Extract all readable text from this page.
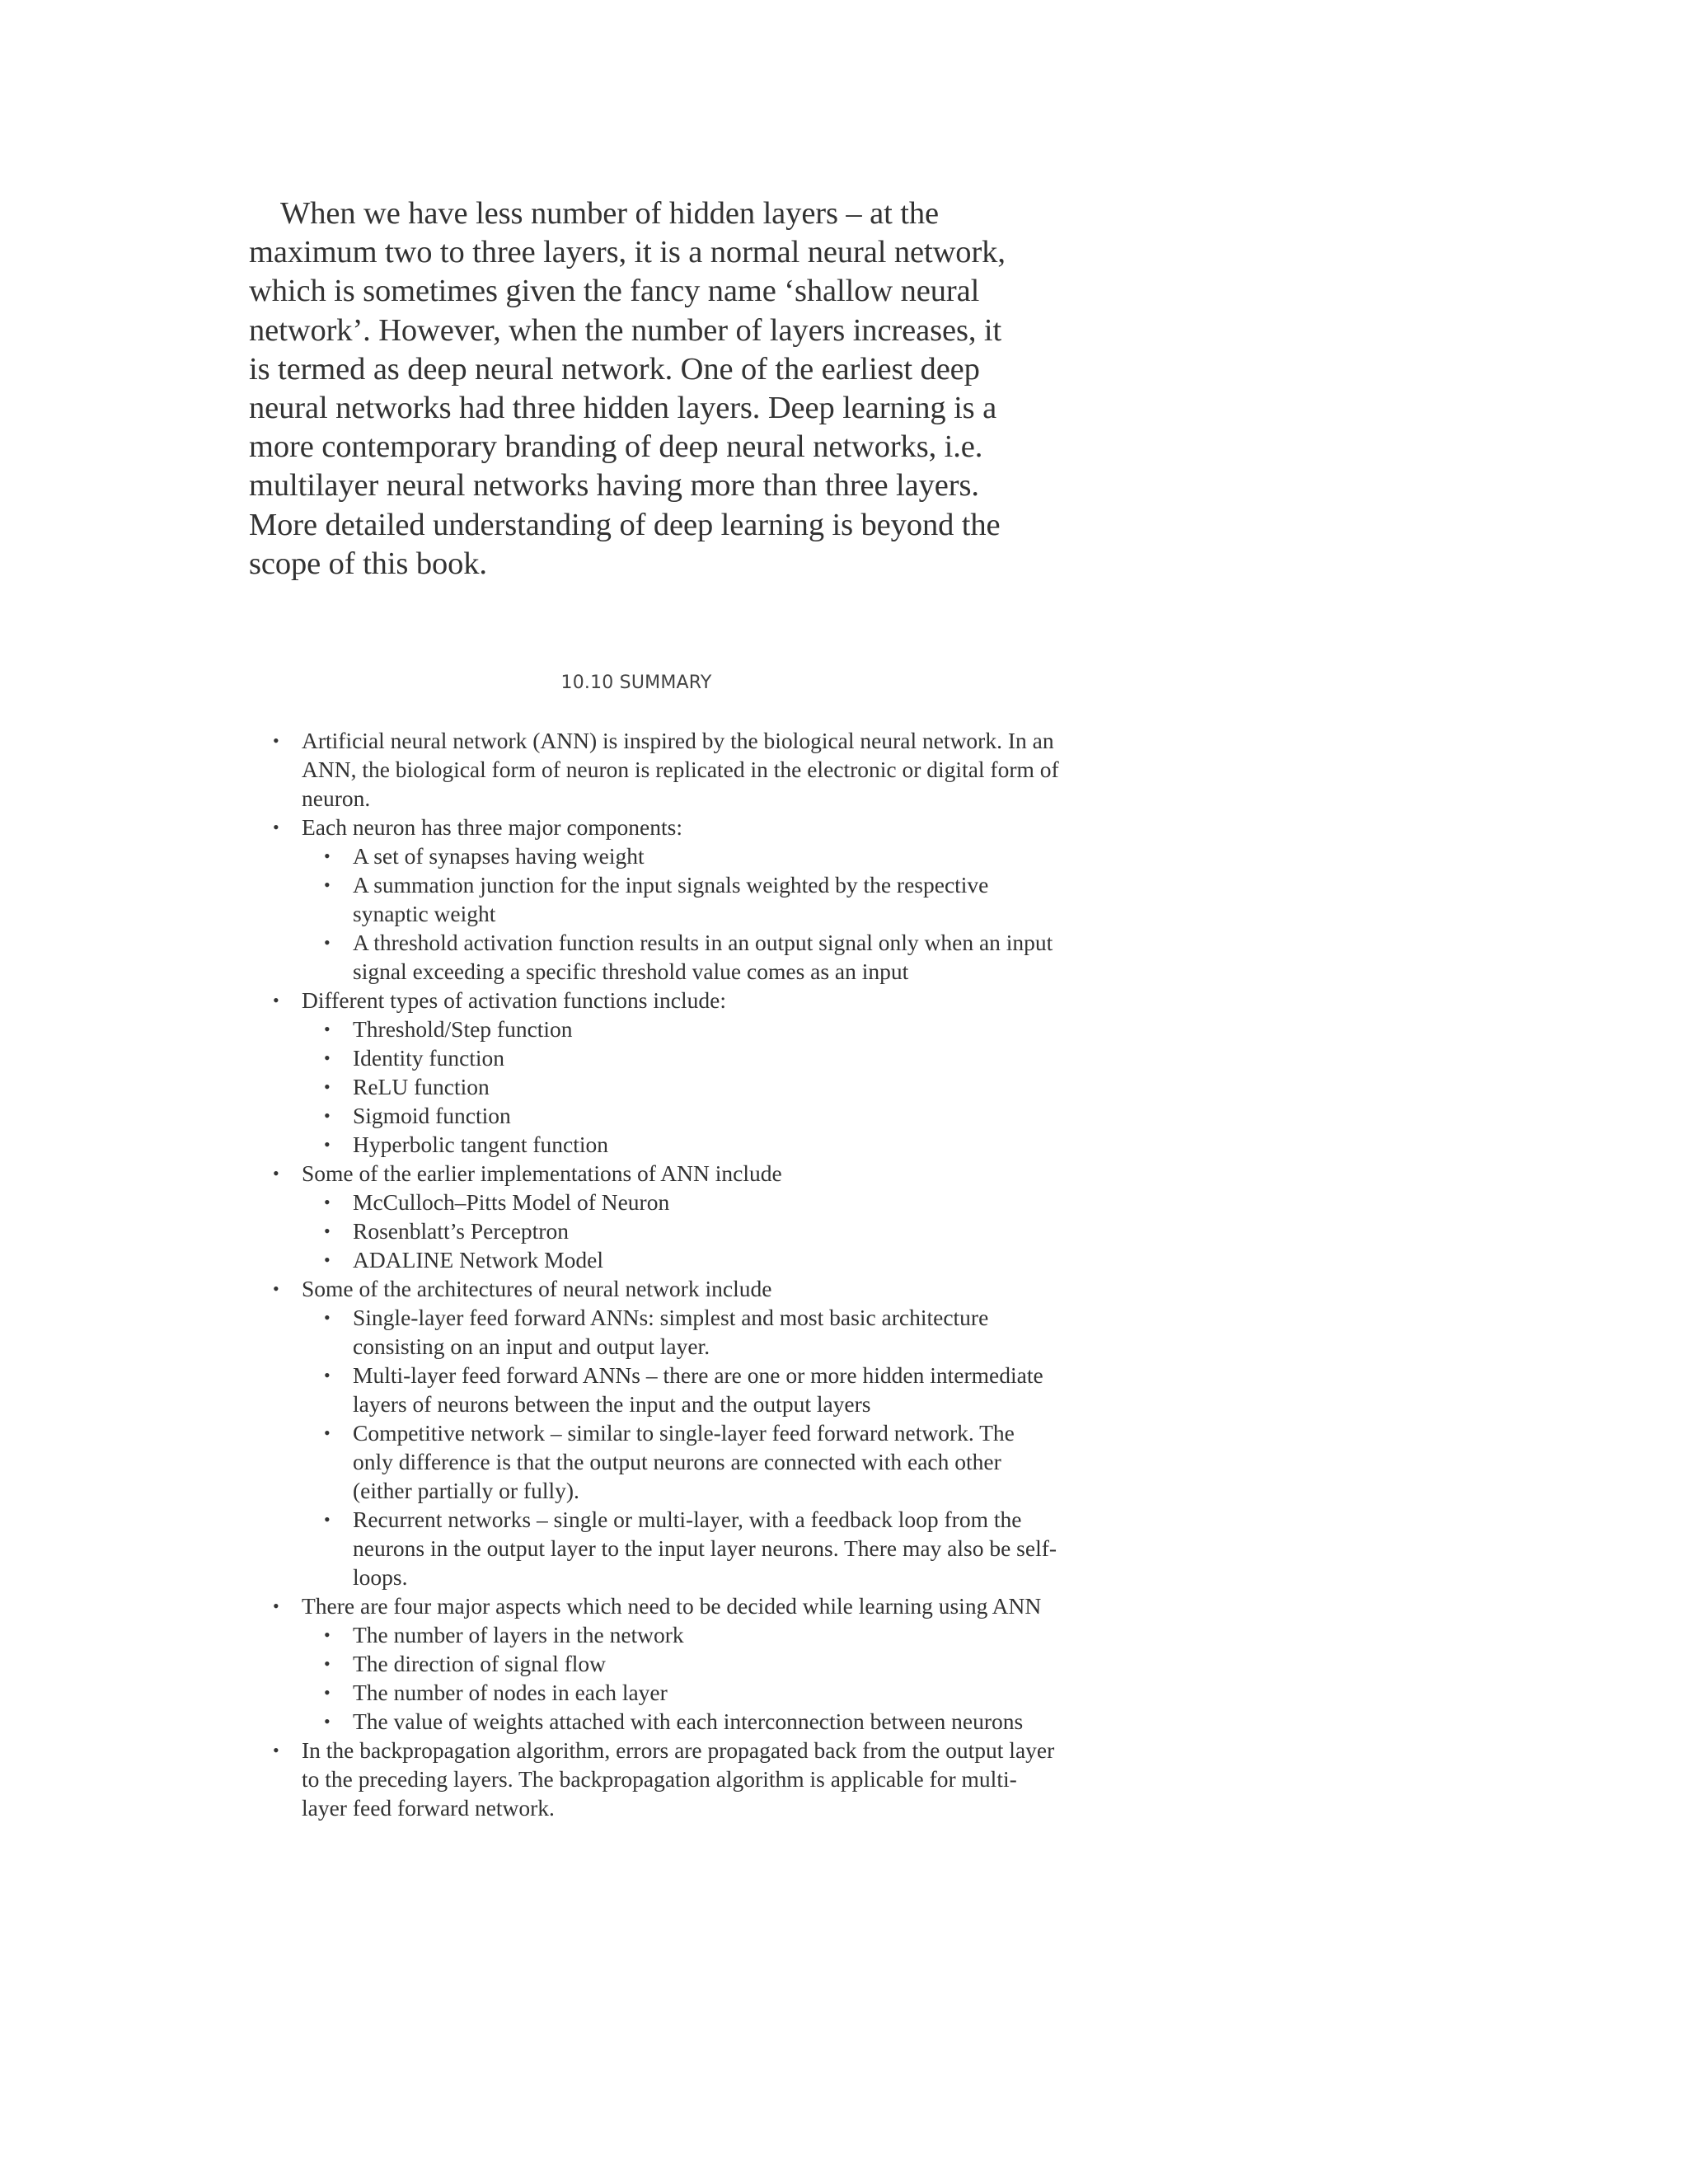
When we have less number of hidden layers – at the maximum two to three layers, it is a normal neural network, which is sometimes given the fancy name ‘shallow neural network’. However, when the number of layers increases, it is termed as deep neural network. One of the earliest deep neural networks had three hidden layers. Deep learning is a more contemporary branding of deep neural networks, i.e. multilayer neural networks having more than three layers. More detailed understanding of deep learning is beyond the scope of this book.

10.10 SUMMARY
• Artificial neural network (ANN) is inspired by the biological neural network. In an ANN, the biological form of neuron is replicated in the electronic or digital form of neuron.
• Each neuron has three major components:
• A set of synapses having weight
• A summation junction for the input signals weighted by the respective synaptic weight
• A threshold activation function results in an output signal only when an input signal exceeding a specific threshold value comes as an input
• Different types of activation functions include:
• Threshold/Step function
• Identity function
• ReLU function
• Sigmoid function
• Hyperbolic tangent function
• Some of the earlier implementations of ANN include
• McCulloch–Pitts Model of Neuron
• Rosenblatt’s Perceptron
• ADALINE Network Model
• Some of the architectures of neural network include
• Single-layer feed forward ANNs: simplest and most basic architecture consisting on an input and output layer.
• Multi-layer feed forward ANNs – there are one or more hidden intermediate layers of neurons between the input and the output layers
• Competitive network – similar to single-layer feed forward network. The only difference is that the output neurons are connected with each other (either partially or fully).
• Recurrent networks – single or multi-layer, with a feedback loop from the neurons in the output layer to the input layer neurons. There may also be self-loops.
• There are four major aspects which need to be decided while learning using ANN
• The number of layers in the network
• The direction of signal flow
• The number of nodes in each layer
• The value of weights attached with each interconnection between neurons
• In the backpropagation algorithm, errors are propagated back from the output layer to the preceding layers. The backpropagation algorithm is applicable for multi-layer feed forward network.
